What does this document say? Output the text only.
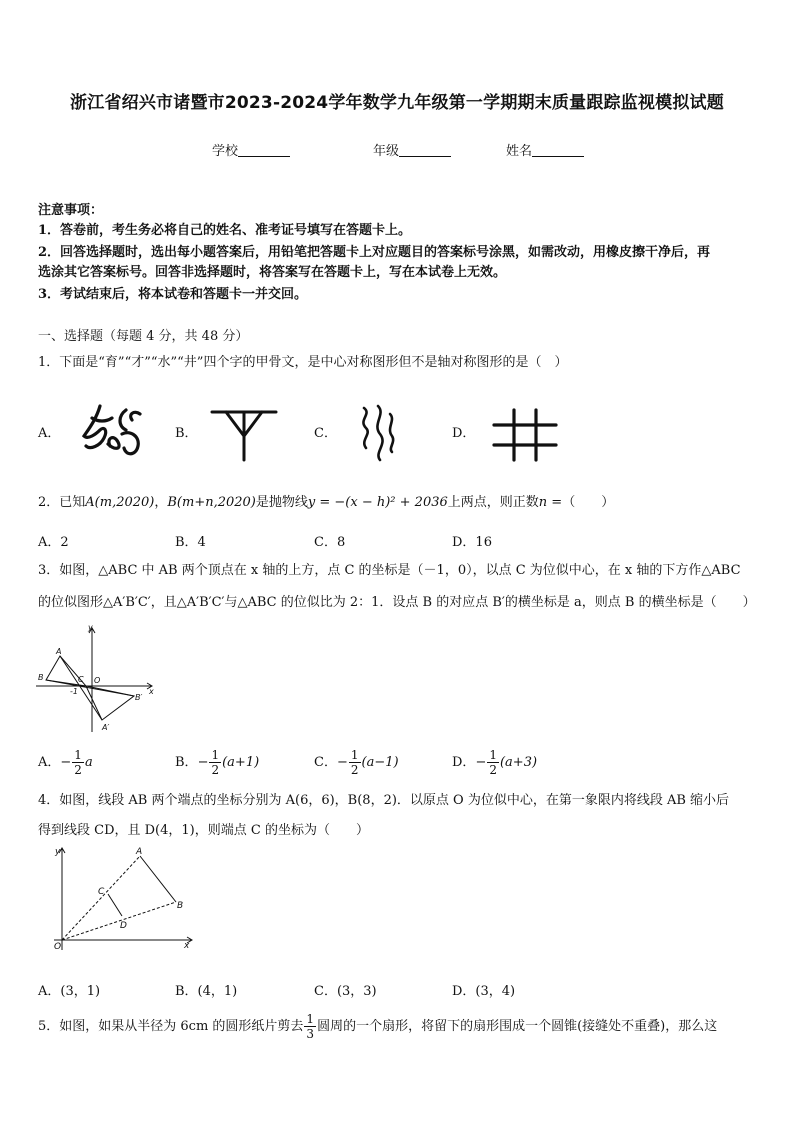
浙江省绍兴市诸暨市2023-2024学年数学九年级第一学期期末质量跟踪监视模拟试题
学校	年级	姓名
注意事项：
1．答卷前，考生务必将自己的姓名、准考证号填写在答题卡上。
2．回答选择题时，选出每小题答案后，用铅笔把答题卡上对应题目的答案标号涂黑，如需改动，用橡皮擦干净后，再
选涂其它答案标号。回答非选择题时，将答案写在答题卡上，写在本试卷上无效。
3．考试结束后，将本试卷和答题卡一并交回。
一、选择题（每题 4 分，共 48 分）
1．下面是“育”“才”“水”“井”四个字的甲骨文，是中心对称图形但不是轴对称图形的是（　）
A．	B．	C．	D．
2．已知A(m,2020)，B(m+n,2020)是抛物线y = −(x − h)² + 2036上两点，则正数n =（　　）
A．2	B．4	C．8	D．16
3．如图，△ABC 中 AB 两个顶点在 x 轴的上方，点 C 的坐标是（－1，0），以点 C 为位似中心，在 x 轴的下方作△ABC
的位似图形△A′B′C′，且△A′B′C′与△ABC 的位似比为 2：1．设点 B 的对应点 B′的横坐标是 a，则点 B 的横坐标是（　　）
y
A
B	C O
-1	x
B′
A′
A．− $\frac{1}{2}$ a	B．− $\frac{1}{2} (a+1)$	C．− $\frac{1}{2} (a-1)$	D．− $\frac{1}{2} (a+3)$
4．如图，线段 AB 两个端点的坐标分别为 A(6，6)，B(8，2)．以原点 O 为位似中心，在第一象限内将线段 AB 缩小后
得到线段 CD，且 D(4，1)，则端点 C 的坐标为（　　）
y	A
C
B
D
O	x
A．(3，1)	B．(4，1)	C．(3，3)	D．(3，4)
5．如图，如果从半径为 6cm 的圆形纸片剪去 $\frac{1}{3}$ 圆周的一个扇形，将留下的扇形围成一个圆锥(接缝处不重叠)，那么这
